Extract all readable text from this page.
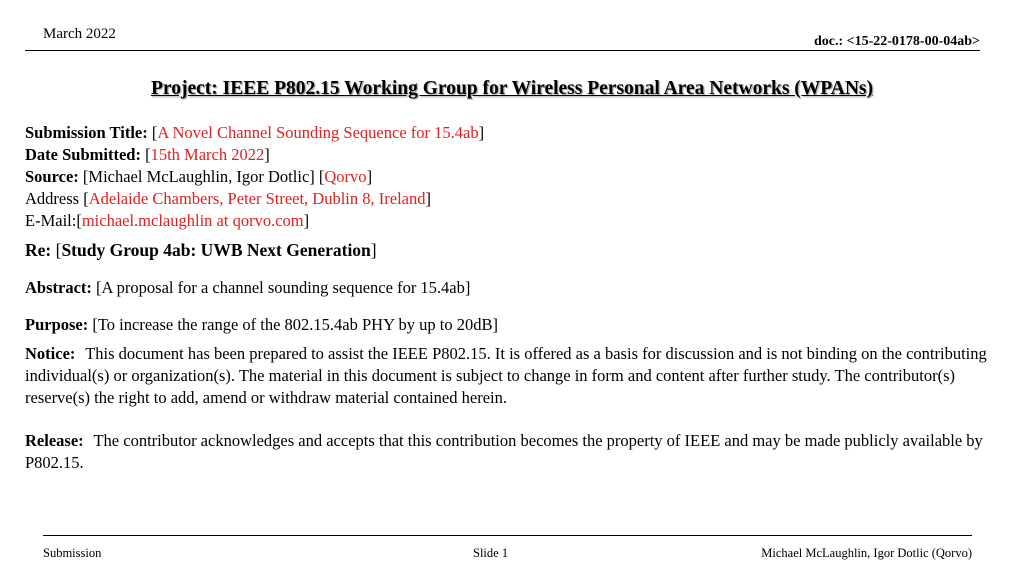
March 2022	doc.: <15-22-0178-00-04ab>
Project: IEEE P802.15 Working Group for Wireless Personal Area Networks (WPANs)
Submission Title: [A Novel Channel Sounding Sequence for 15.4ab]
Date Submitted: [15th March 2022]
Source: [Michael McLaughlin, Igor Dotlic] [Qorvo]
Address [Adelaide Chambers, Peter Street, Dublin 8, Ireland]
E-Mail:[michael.mclaughlin at qorvo.com]
Re: [Study Group 4ab: UWB Next Generation]
Abstract: [A proposal for a channel sounding sequence for 15.4ab]
Purpose: [To increase the range of the 802.15.4ab PHY by up to 20dB]
Notice: This document has been prepared to assist the IEEE P802.15. It is offered as a basis for discussion and is not binding on the contributing individual(s) or organization(s). The material in this document is subject to change in form and content after further study. The contributor(s) reserve(s) the right to add, amend or withdraw material contained herein.
Release: The contributor acknowledges and accepts that this contribution becomes the property of IEEE and may be made publicly available by P802.15.
Submission	Slide 1	Michael McLaughlin, Igor Dotlic (Qorvo)
